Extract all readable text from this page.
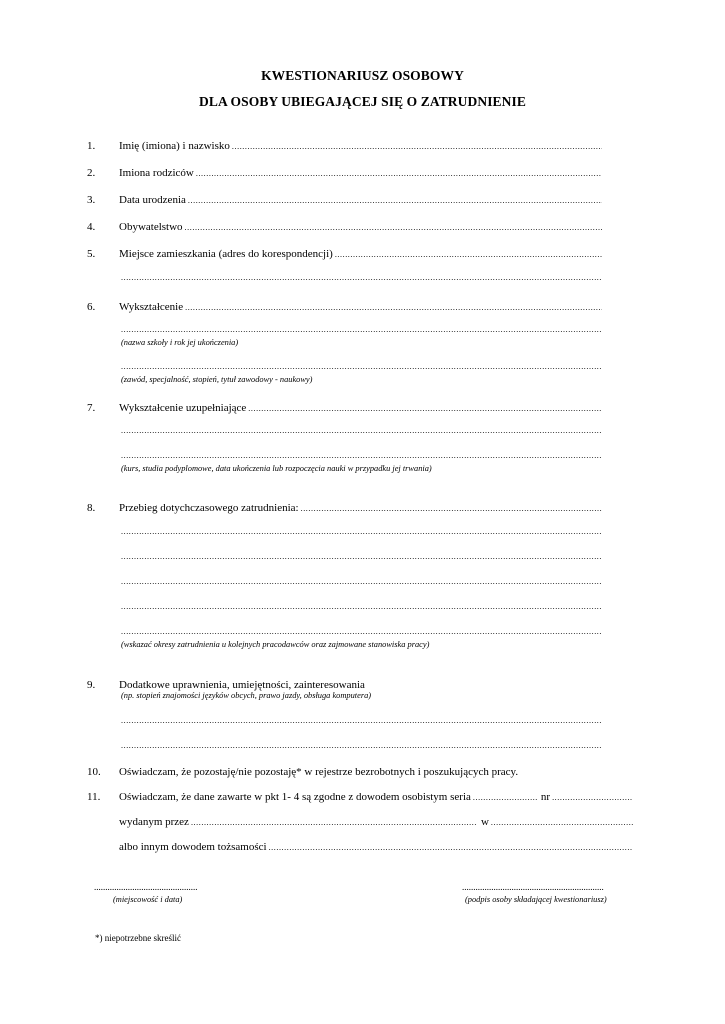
KWESTIONARIUSZ OSOBOWY
DLA OSOBY UBIEGAJĄCEJ SIĘ O ZATRUDNIENIE
1. Imię (imiona) i nazwisko
.....
2. Imiona rodziców
.....
3. Data urodzenia
.....
4. Obywatelstwo
.....
5. Miejsce zamieszkania (adres do korespondencji)
.....
.....
6. Wykształcenie
.....
.....
(nazwa szkoły i rok jej ukończenia)
.....
(zawód, specjalność, stopień, tytuł zawodowy - naukowy)
7. Wykształcenie uzupełniające
.....
.....
.....
(kurs, studia podyplomowe, data ukończenia lub rozpoczęcia nauki w przypadku jej trwania)
8. Przebieg dotychczasowego zatrudnienia:
.....
.....
.....
.....
.....
.....
(wskazać okresy zatrudnienia u kolejnych pracodawców oraz zajmowane stanowiska pracy)
9. Dodatkowe uprawnienia, umiejętności, zainteresowania
(np. stopień znajomości języków obcych, prawo jazdy, obsługa komputera)
.....
.....
10. Oświadczam, że pozostaję/nie pozostaję* w rejestrze bezrobotnych i poszukujących pracy.
11. Oświadczam, że dane zawarte w pkt 1- 4 są zgodne z dowodem osobistym seria .....	nr
.....
wydanym przez .....	w
.....
albo innym dowodem tożsamości
.....
..............................................	...............................................................
(miejscowość i data)	(podpis osoby składającej kwestionariusz)
*) niepotrzebne skreślić
